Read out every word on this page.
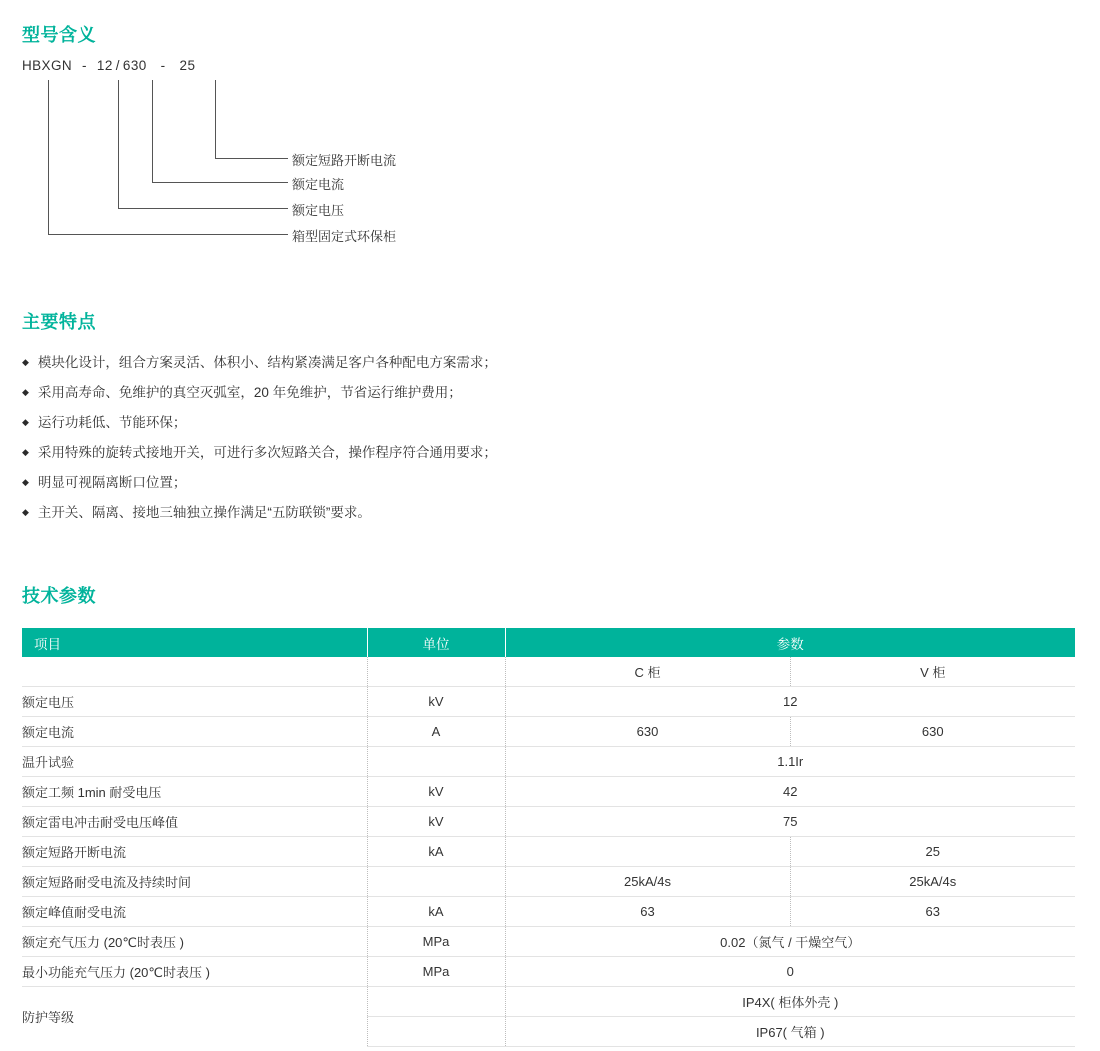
型号含义
HBXGN - 12 / 630 - 25
额定短路开断电流
额定电流
额定电压
箱型固定式环保柜
主要特点
◆ 模块化设计，组合方案灵活、体积小、结构紧凑满足客户各种配电方案需求；
◆ 采用高寿命、免维护的真空灭弧室，20 年免维护，节省运行维护费用；
◆ 运行功耗低、节能环保；
◆ 采用特殊的旋转式接地开关，可进行多次短路关合，操作程序符合通用要求；
◆ 明显可视隔离断口位置；
◆ 主开关、隔离、接地三轴独立操作满足“五防联锁”要求。
技术参数
项目	单位	参数	
		C 柜	V 柜
额定电压	kV	12	
额定电流	A	630	630
温升试验		1.1Ir	
额定工频 1min 耐受电压	kV	42	
额定雷电冲击耐受电压峰值	kV	75	
额定短路开断电流	kA		25
额定短路耐受电流及持续时间		25kA/4s	25kA/4s
额定峰值耐受电流	kA	63	63
额定充气压力 (20℃时表压 )	MPa	0.02（氮气 / 干燥空气）	
最小功能充气压力 (20℃时表压 )	MPa	0	
防护等级		IP4X( 柜体外壳 )	
		IP67( 气箱 )	
